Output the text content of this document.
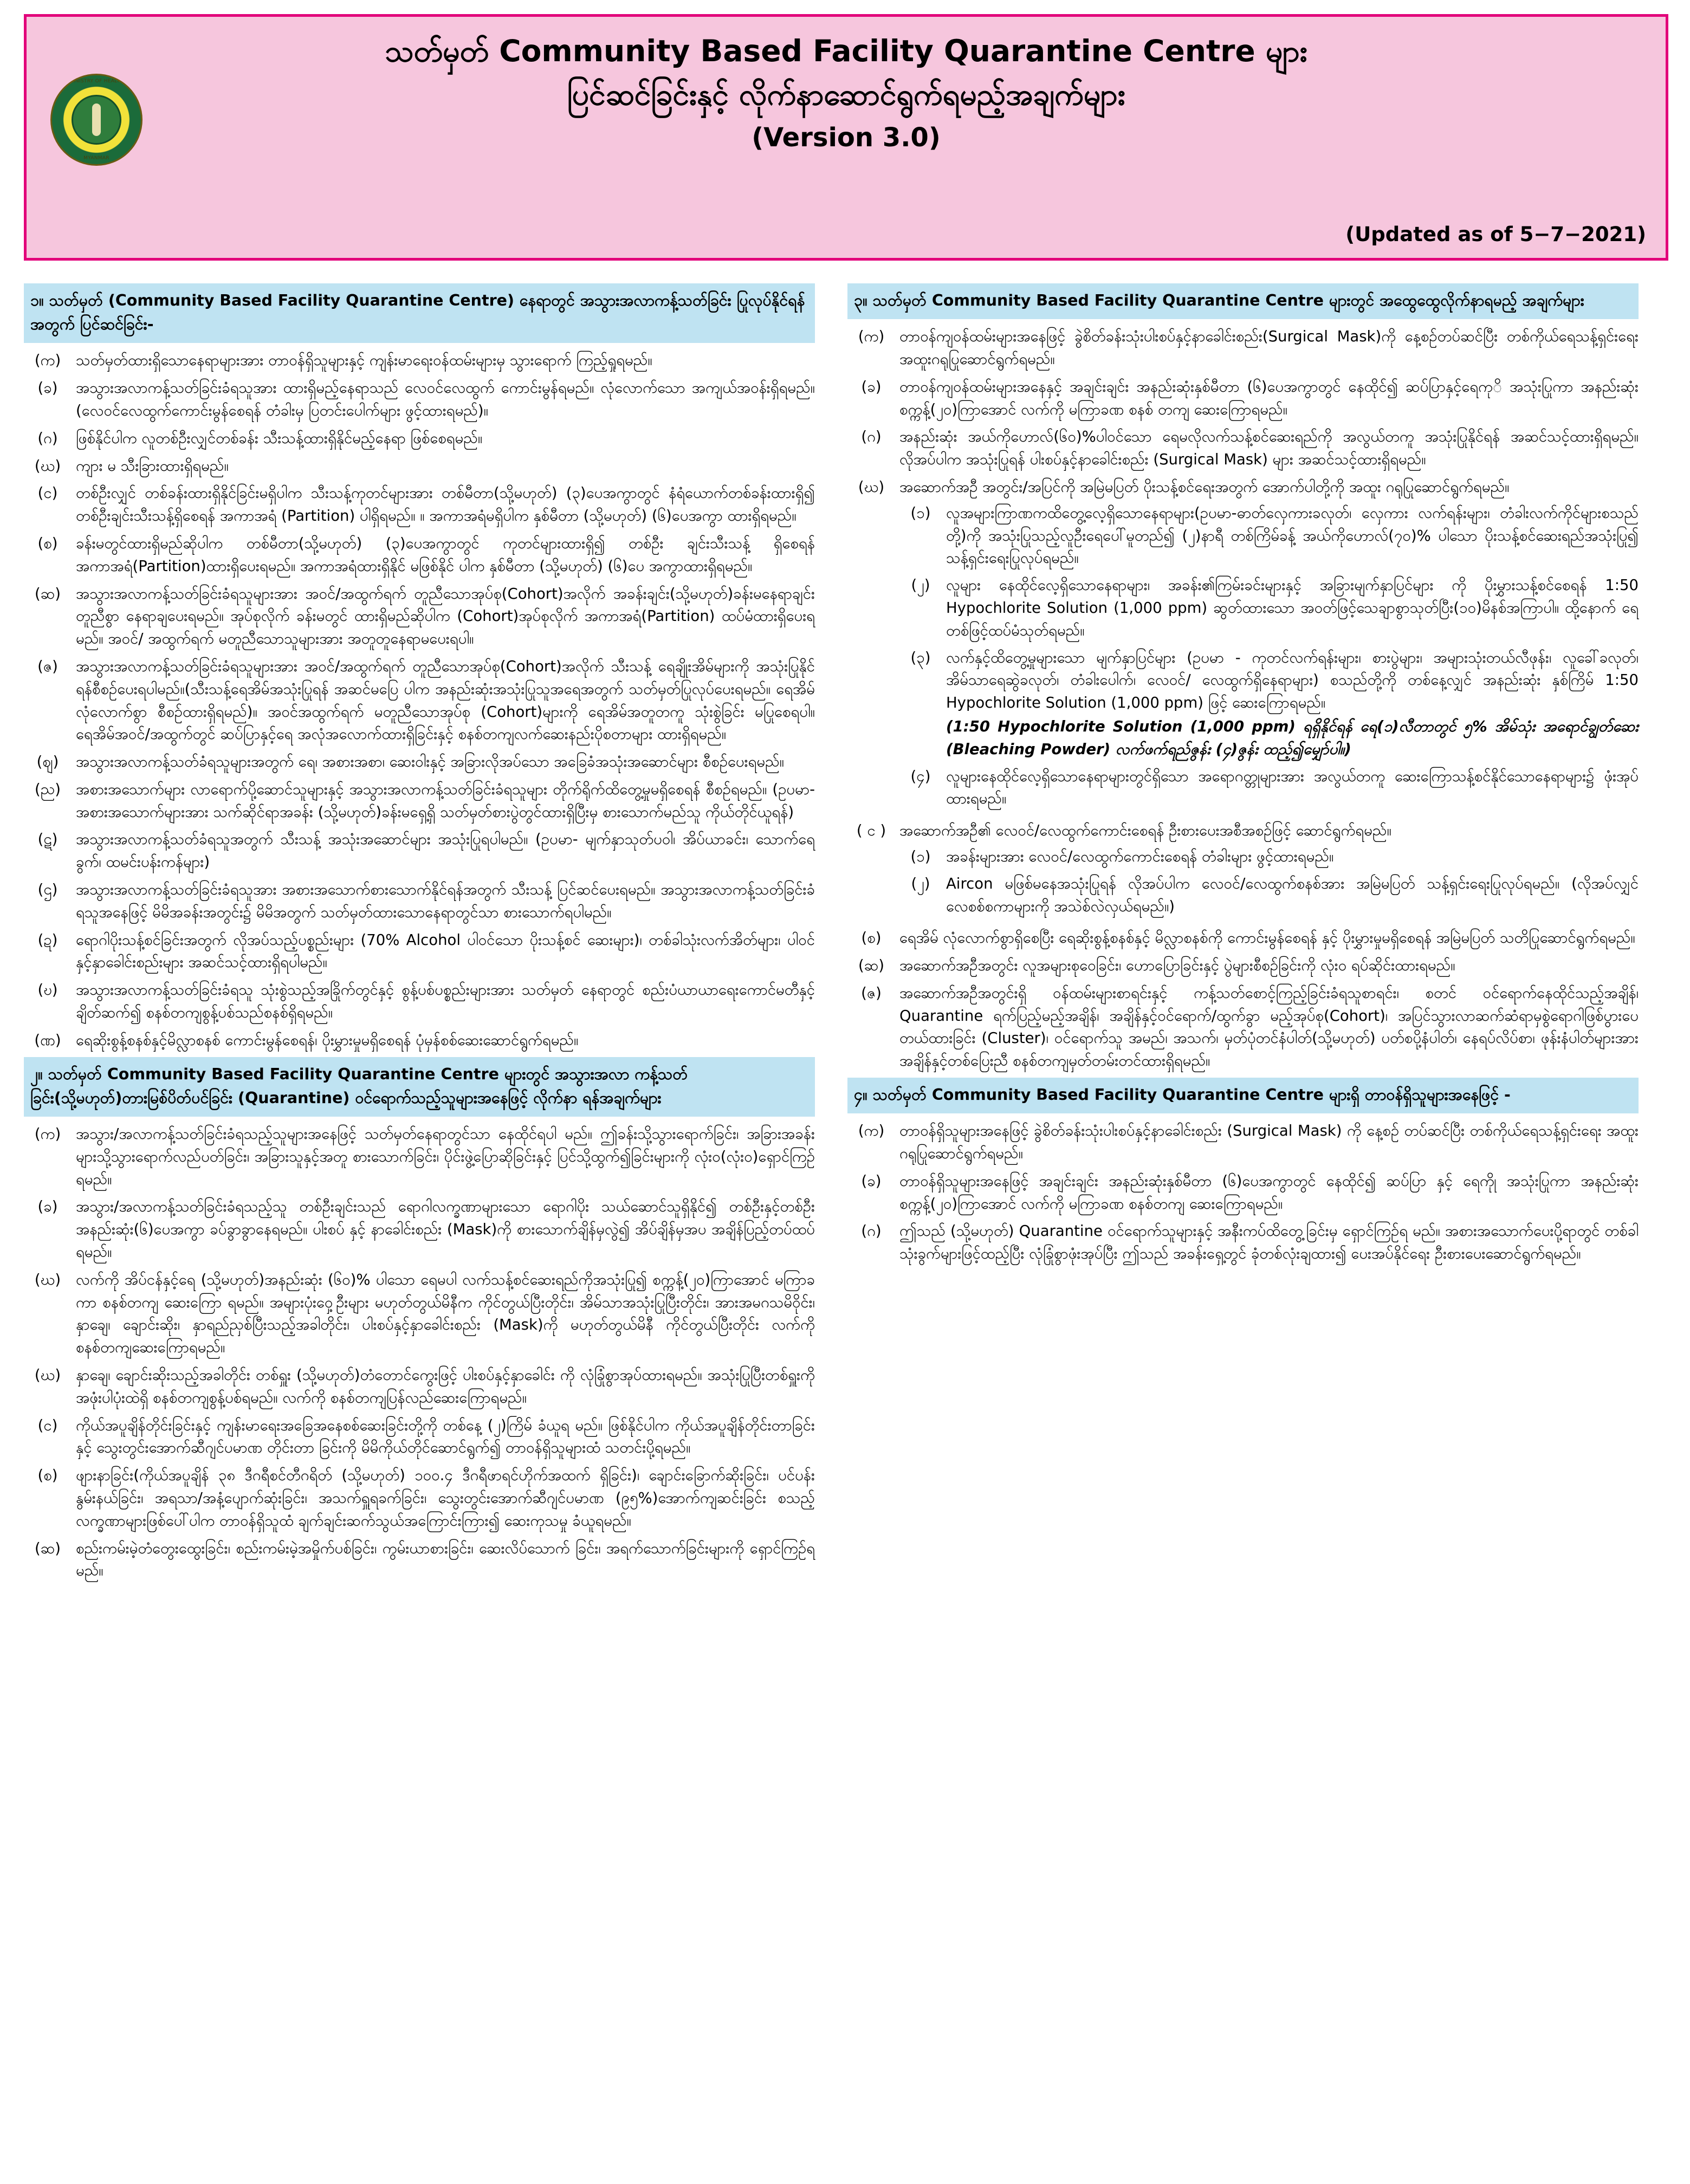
MINISTRY OF HEALTH
MYANMAR
သတ်မှတ် Community Based Facility Quarantine Centre များ
ပြင်ဆင်ခြင်းနှင့် လိုက်နာဆောင်ရွက်ရမည့်အချက်များ
(Version 3.0)
(Updated as of 5−7−2021)
၁။ သတ်မှတ် (Community Based Facility Quarantine Centre) နေရာတွင် အသွားအလာကန့်သတ်ခြင်း ပြုလုပ်နိုင်ရန်အတွက် ပြင်ဆင်ခြင်း-
(က)	သတ်မှတ်ထားရှိသောနေရာများအား တာဝန်ရှိသူများနှင့် ကျန်းမာရေးဝန်ထမ်းများမှ သွားရောက် ကြည့်ရှုရမည်။
(ခ)	အသွားအလာကန့်သတ်ခြင်းခံရသူအား ထားရှိမည့်နေရာသည် လေဝင်လေထွက် ကောင်းမွန်ရမည်။ လုံလောက်သော အကျယ်အဝန်းရှိရမည်။ (လေဝင်လေထွက်ကောင်းမွန်စေရန် တံခါးမှ ပြတင်းပေါက်များ ဖွင့်ထားရမည်)။
(ဂ)	ဖြစ်နိုင်ပါက လူတစ်ဦးလျှင်တစ်ခန်း သီးသန့်ထားရှိနိုင်မည့်နေရာ ဖြစ်စေရမည်။
(ဃ)	ကျား မ သီးခြားထားရှိရမည်။
(င)	တစ်ဦးလျှင် တစ်ခန်းထားရှိနိုင်ခြင်းမရှိပါက သီးသန့်ကုတင်များအား တစ်မီတာ(သို့မဟုတ်) (၃)ပေအကွာတွင် နံရံယောက်တစ်ခန်းထားရှိ၍ တစ်ဦးချင်းသီးသန့်ရှိစေရန် အကာအရံ (Partition) ပါရှိရမည်။ ။ အကာအရံမရှိပါက နှစ်မီတာ (သို့မဟုတ်) (၆)ပေအကွာ ထားရှိရမည်။
(စ)	ခန်းမတွင်ထားရှိမည်ဆိုပါက တစ်မီတာ(သို့မဟုတ်) (၃)ပေအကွာတွင် ကုတင်များထားရှိ၍ တစ်ဦး ချင်းသီးသန့် ရှိစေရန် အကာအရံ(Partition)ထားရှိပေးရမည်။ အကာအရံထားရှိနိုင် မဖြစ်နိုင် ပါက နှစ်မီတာ (သို့မဟုတ်) (၆)ပေ အကွာထားရှိရမည်။
(ဆ)	အသွားအလာကန့်သတ်ခြင်းခံရသူများအား အဝင်/အထွက်ရက် တူညီသောအုပ်စု(Cohort)အလိုက် အခန်းချင်း(သို့မဟုတ်)ခန်းမနေရာချင်း တူညီစွာ နေရာချပေးရမည်။ အုပ်စုလိုက် ခန်းမတွင် ထားရှိမည်ဆိုပါက (Cohort)အုပ်စုလိုက် အကာအရံ(Partition) ထပ်မံထားရှိပေးရမည်။ အဝင်/ အထွက်ရက် မတူညီသောသူများအား အတူတူနေရာမပေးရပါ။
(ဇ)	အသွားအလာကန့်သတ်ခြင်းခံရသူများအား အဝင်/အထွက်ရက် တူညီသောအုပ်စု(Cohort)အလိုက် သီးသန့် ရေချိုးအိမ်များကို အသုံးပြုနိုင်ရန်စီစဉ်ပေးရပါမည်။(သီးသန့်ရေအိမ်အသုံးပြုရန် အဆင်မပြေ ပါက အနည်းဆုံးအသုံးပြုသူအရေအတွက် သတ်မှတ်ပြုလုပ်ပေးရမည်။ ရေအိမ်လုံလောက်စွာ စီစဉ်ထားရှိရမည်)။ အဝင်အထွက်ရက် မတူညီသောအုပ်စု (Cohort)များကို ရေအိမ်အတူတကူ သုံးစွဲခြင်း မပြုစေရပါ။ ရေအိမ်အဝင်/အထွက်တွင် ဆပ်ပြာနှင့်ရေ အလုံအလောက်ထားရှိခြင်းနှင့် စနစ်တကျလက်ဆေးနည်းပိုစတာများ ထားရှိရမည်။
(ဈ)	အသွားအလာကန့်သတ်ခံရသူများအတွက် ရေ၊ အစားအစာ၊ ဆေးဝါးနှင့် အခြားလိုအပ်သော အခြေခံအသုံးအဆောင်များ စီစဉ်ပေးရမည်။
(ည)	အစားအသောက်များ လာရောက်ပို့ဆောင်သူများနှင့် အသွားအလာကန့်သတ်ခြင်းခံရသူများ တိုက်ရိုက်ထိတွေ့မှုမရှိစေရန် စီစဉ်ရမည်။ (ဥပမာ- အစားအသောက်များအား သက်ဆိုင်ရာအခန်း (သို့မဟုတ်)ခန်းမရှေ့ရှိ သတ်မှတ်စားပွဲတွင်ထားရှိပြီးမှ စားသောက်မည်သူ ကိုယ်တိုင်ယူရန်)
(ဋ)	အသွားအလာကန့်သတ်ခံရသူအတွက် သီးသန့် အသုံးအဆောင်များ အသုံးပြုရပါမည်။ (ဥပမာ- မျက်နှာသုတ်ပဝါ၊ အိပ်ယာခင်း၊ သောက်ရေခွက်၊ ထမင်းပန်းကန်များ)
(ဌ)	အသွားအလာကန့်သတ်ခြင်းခံရသူအား အစားအသောက်စားသောက်နိုင်ရန်အတွက် သီးသန့် ပြင်ဆင်ပေးရမည်။ အသွားအလာကန့်သတ်ခြင်းခံရသူအနေဖြင့် မိမိအခန်းအတွင်း၌ မိမိအတွက် သတ်မှတ်ထားသောနေရာတွင်သာ စားသောက်ရပါမည်။
(ဍ)	ရောဂါပိုးသန့်စင်ခြင်းအတွက် လိုအပ်သည့်ပစ္စည်းများ (70% Alcohol ပါဝင်သော ပိုးသန့်စင် ဆေးများ)၊ တစ်ခါသုံးလက်အိတ်များ၊ ပါဝင်နှင့်နှာခေါင်းစည်းများ အဆင်သင့်ထားရှိရပါမည်။
(ဎ)	အသွားအလာကန့်သတ်ခြင်းခံရသူ သုံးစွဲသည့်အခြိုက်တွင်နှင့် စွန့်ပစ်ပစ္စည်းများအား သတ်မှတ် နေရာတွင် စည်းပံယာယာရေးကောင်မတီနှင့်ချိတ်ဆက်၍ စနစ်တကျစွန့်ပစ်သည်စနစ်ရှိရမည်။
(ဏ) ရေဆိုးစွန့်စနစ်နှင့်မိလ္လာစနစ် ကောင်းမွန်စေရန်၊ ပိုးမွှားမှုမရှိစေရန် ပုံမှန်စစ်ဆေးဆောင်ရွက်ရမည်။
၂။ သတ်မှတ် Community Based Facility Quarantine Centre များတွင် အသွားအလာ ကန့်သတ်ခြင်း(သို့မဟုတ်)တားမြစ်ပိတ်ပင်ခြင်း (Quarantine) ဝင်ရောက်သည့်သူများအနေဖြင့် လိုက်နာ ရန်အချက်များ
(က)	အသွား/အလာကန့်သတ်ခြင်းခံရသည့်သူများအနေဖြင့် သတ်မှတ်နေရာတွင်သာ နေထိုင်ရပါ မည်။ ဤခန်းသို့သွားရောက်ခြင်း၊ အခြားအခန်းများသို့သွားရောက်လည်ပတ်ခြင်း၊ အခြားသူနှင့်အတူ စားသောက်ခြင်း၊ ပိုင်းဖွဲ့ပြောဆိုခြင်းနှင့် ပြင်သို့ထွက်၍ခြင်းများကို လုံးဝ(လုံးဝ)ရှောင်ကြဉ်ရမည်။
(ခ)	အသွား/အလာကန့်သတ်ခြင်းခံရသည့်သူ တစ်ဦးချင်းသည် ရောဂါလက္ခဏာများသော ရောဂါပိုး သယ်ဆောင်သူရှိနိုင်၍ တစ်ဦးနှင့်တစ်ဦး အနည်းဆုံး(၆)ပေအကွာ ခပ်ခွာခွာနေရမည်။ ပါးစပ် နှင့် နာခေါင်းစည်း (Mask)ကို စားသောက်ချိန်မှလွဲ၍ အိပ်ချိန်မှအပ အချိန်ပြည့်တပ်ထပ်ရမည်။
(ဃ)	လက်ကို အိပ်ငန်နှင့်ရေ (သို့မဟုတ်)အနည်းဆုံး (၆၀)% ပါသော ရေမပါ လက်သန့်စင်ဆေးရည်ကိုအသုံးပြု၍ စက္ကန့်(၂၀)ကြာအောင် မကြာခကာ စနစ်တကျ ဆေးကြော ရမည်။ အများပုံးဝှေ့ဦးများ မဟုတ်တွယ်မိနီက ကိုင်တွယ်ပြီးတိုင်း၊ အိမ်သာအသုံးပြုပြီးတိုင်း၊ အားအမဂသမိဝိုင်း၊ နှာချေ၊ ချောင်းဆိုး၊ နှာရည်ညှစ်ပြီးသည့်အခါတိုင်း၊ ပါးစပ်နှင့်နှာခေါင်းစည်း (Mask)ကို မဟုတ်တွယ်မိနီ ကိုင်တွယ်ပြီးတိုင်း လက်ကိုစနစ်တကျဆေးကြောရမည်။
(ဃ)	နှာချေ၊ ချောင်းဆိုးသည့်အခါတိုင်း တစ်ရှူး (သို့မဟုတ်)တံတောင်ကွေးဖြင့် ပါးစပ်နှင့်နှာခေါင်း ကို လုံခြုံစွာအုပ်ထားရမည်။ အသုံးပြုပြီးတစ်ရှူးကို အဖုံးပါပုံးထဲရှိ စနစ်တကျစွန့်ပစ်ရမည်။ လက်ကို စနစ်တကျပြန်လည်ဆေးကြောရမည်။
(င)	ကိုယ်အပူချိန်တိုင်းခြင်းနှင့် ကျန်းမာရေးအခြေအနေစစ်ဆေးခြင်းတို့ကို တစ်နေ့ (၂)ကြိမ် ခံယူရ မည်။ ဖြစ်နိုင်ပါက ကိုယ်အပူချိန်တိုင်းတာခြင်းနှင့် သွေးတွင်းအောက်ဆီဂျင်ပမာဏ တိုင်းတာ ခြင်းကို မိမိကိုယ်တိုင်ဆောင်ရွက်၍ တာဝန်ရှိသူများထံ သတင်းပို့ရမည်။
(စ)	ဖျားနာခြင်း(ကိုယ်အပူချိန် ၃၈ ဒီဂရီစင်တီဂရိတ် (သို့မဟုတ်) ၁၀၀.၄ ဒီဂရီဖာရင်ဟိုက်အထက် ရှိခြင်း)၊ ချောင်းခြောက်ဆိုးခြင်း၊ ပင်ပန်းနွမ်းနယ်ခြင်း၊ အရသာ/အနံ့ပျောက်ဆုံးခြင်း၊ အသက်ရှူရခက်ခြင်း၊ သွေးတွင်းအောက်ဆီဂျင်ပမာဏ (၉၅%)အောက်ကျဆင်းခြင်း စသည့် လက္ခဏာများဖြစ်ပေါ်ပါက တာဝန်ရှိသူထံ ချက်ချင်းဆက်သွယ်အကြောင်းကြား၍ ဆေးကုသမှု ခံယူရမည်။
(ဆ)	စည်းကမ်းမဲ့တံတွေးထွေးခြင်း၊ စည်းကမ်းမဲ့အမှိုက်ပစ်ခြင်း၊ ကွမ်းယာစားခြင်း၊ ဆေးလိပ်သောက် ခြင်း၊ အရက်သောက်ခြင်းများကို ရှောင်ကြဉ်ရမည်။
၃။ သတ်မှတ် Community Based Facility Quarantine Centre များတွင် အထွေထွေလိုက်နာရမည့် အချက်များ
(က)	တာဝန်ကျဝန်ထမ်းများအနေဖြင့် ခွဲစိတ်ခန်းသုံးပါးစပ်နှင့်နာခေါင်းစည်း(Surgical Mask)ကို နေ့စဉ်တပ်ဆင်ပြီး တစ်ကိုယ်ရေသန့်ရှင်းရေး အထူးဂရုပြုဆောင်ရွက်ရမည်။
(ခ)	တာဝန်ကျဝန်ထမ်းများအနေနှင့် အချင်းချင်း အနည်းဆုံးနှစ်မီတာ (၆)ပေအကွာတွင် နေထိုင်၍ ဆပ်ပြာနှင့်ရေကုိ အသုံးပြုကာ အနည်းဆုံး စက္ကန့်(၂၀)ကြာအောင် လက်ကို မကြာခဏ စနစ် တကျ ဆေးကြောရမည်။
(ဂ)	အနည်းဆုံး အယ်ကိုဟောလ်(၆၀)%ပါဝင်သော ရေမလိုလက်သန့်စင်ဆေးရည်ကို အလွယ်တကူ အသုံးပြုနိုင်ရန် အဆင်သင့်ထားရှိရမည်။ လိုအပ်ပါက အသုံးပြုရန် ပါးစပ်နှင့်နာခေါင်းစည်း (Surgical Mask) များ အဆင်သင့်ထားရှိရမည်။
(ဃ)	အဆောက်အဦ အတွင်း/အပြင်ကို အမြဲမပြတ် ပိုးသန့်စင်ရေးအတွက် အောက်ပါတို့ကို အထူး ဂရုပြုဆောင်ရွက်ရမည်။
(၁)	လူအများကြာဏကထိတွေ့လေ့ရှိသောနေရာများ(ဥပမာ-ဓာတ်လှေကားခလုတ်၊ လှေကား လက်ရန်းများ၊ တံခါးလက်ကိုင်များစသည်တို့)ကို အသုံးပြုသည့်လူဦးရေပေါ်မူတည်၍ (၂)နာရီ တစ်ကြိမ်ခန့် အယ်ကိုဟောလ်(၇၀)% ပါသော ပိုးသန့်စင်ဆေးရည်အသုံးပြု၍ သန့်ရှင်းရေးပြုလုပ်ရမည်။
(၂)	လူများ နေထိုင်လေ့ရှိသောနေရာများ၊ အခန်း၏ကြမ်းခင်းများနှင့် အခြားမျက်နှာပြင်များ ကို ပိုးမွှားသန့်စင်စေရန် 1:50 Hypochlorite Solution (1,000 ppm) ဆွတ်ထားသော အဝတ်ဖြင့်သေချာစွာသုတ်ပြီး(၁၀)မိနစ်အကြာပါ။ ထို့နောက် ရေတစ်ဖြင့်ထပ်မံသုတ်ရမည်။
(၃)	လက်နှင့်ထိတွေ့မှုများသော မျက်နှာပြင်များ (ဥပမာ - ကုတင်လက်ရန်းများ၊ စားပွဲများ၊ အများသုံးတယ်လီဖုန်း၊ လူခေါ်ခလုတ်၊ အိမ်သာရေဆွဲခလုတ်၊ တံခါးပေါက်၊ လေဝင်/ လေထွက်ရှိနေရာများ) စသည်တို့ကို တစ်နေ့လျှင် အနည်းဆုံး နှစ်ကြိမ် 1:50 Hypochlorite Solution (1,000 ppm) ဖြင့် ဆေးကြောရမည်။
(1:50 Hypochlorite Solution (1,000 ppm) ရရှိနိုင်ရန် ရေ(၁)လီတာတွင် ၅% အိမ်သုံး အရောင်ချွတ်ဆေး (Bleaching Powder) လက်ဖက်ရည်ဇွန်း (၄)ဇွန်း ထည့်၍မျှော်ပါ။)
(၄)	လူများနေထိုင်လေ့ရှိသောနေရာများတွင်ရှိသော အရောဂတ္တုများအား အလွယ်တကူ ဆေးကြောသန့်စင်နိုင်သောနေရာများ၌ ဖုံးအုပ်ထားရမည်။
( င ) အဆောက်အဦ၏ လေဝင်/လေထွက်ကောင်းစေရန် ဦးစားပေးအစီအစဉ်ဖြင့် ဆောင်ရွက်ရမည်။
(၁)	အခန်းများအား လေဝင်/လေထွက်ကောင်းစေရန် တံခါးများ ဖွင့်ထားရမည်။
(၂)	Aircon မဖြစ်မနေအသုံးပြုရန် လိုအပ်ပါက လေဝင်/လေထွက်စနစ်အား အမြဲမပြတ် သန့်ရှင်းရေးပြုလုပ်ရမည်။ (လိုအပ်လျှင် လေစစ်စကာများကို အသဲစ်လဲလှယ်ရမည်။)
(စ)	ရေအိမ် လုံလောက်စွာရှိစေပြီး ရေဆိုးစွန့်စနစ်နှင့် မိလ္လာစနစ်ကို ကောင်းမွန်စေရန် နှင့် ပိုးမွှားမှုမရှိစေရန် အမြဲမပြတ် သတိပြုဆောင်ရွက်ရမည်။
(ဆ)	အဆောက်အဦအတွင်း လူအများစုဝေခြင်း၊ ဟောပြောခြင်းနှင့် ပွဲများစီစဉ်ခြင်းကို လုံးဝ ရပ်ဆိုင်းထားရမည်။
(ဇ)	အဆောက်အဦအတွင်းရှိ ဝန်ထမ်းများစာရင်းနှင့် ကန့်သတ်စောင့်ကြည့်ခြင်းခံရသူစာရင်း၊ စတင် ဝင်ရောက်နေထိုင်သည့်အချိန်၊ Quarantine ရက်ပြည့်မည့်အချိန်၊ အချိန်နှင့်ဝင်ရောက်/ထွက်ခွာ မည့်အုပ်စု(Cohort)၊ အပြင်သွားလာဆက်ဆံရာမှစွဲရောဂါဖြစ်ပွားပေတယ်ထားခြင်း (Cluster)၊ ဝင်ရောက်သူ အမည်၊ အသက်၊ မှတ်ပုံတင်နံပါတ်(သို့မဟုတ်) ပတ်စပို့နံပါတ်၊ နေရပ်လိပ်စာ၊ ဖုန်းနံပါတ်များအား အချိန်နှင့်တစ်ပြေးညီ စနစ်တကျမှတ်တမ်းတင်ထားရှိရမည်။
၄။ သတ်မှတ် Community Based Facility Quarantine Centre များရှိ တာဝန်ရှိသူများအနေဖြင့် -
(က)	တာဝန်ရှိသူများအနေဖြင့် ခွဲစိတ်ခန်းသုံးပါးစပ်နှင့်နာခေါင်းစည်း (Surgical Mask) ကို နေ့စဉ် တပ်ဆင်ပြီး တစ်ကိုယ်ရေသန့်ရှင်းရေး အထူးဂရုပြုဆောင်ရွက်ရမည်။
(ခ)	တာဝန်ရှိသူများအနေဖြင့် အချင်းချင်း အနည်းဆုံးနှစ်မီတာ (၆)ပေအကွာတွင် နေထိုင်၍ ဆပ်ပြာ နှင့် ရေကိုု အသုံးပြုကာ အနည်းဆုံး စက္ကန့်(၂၀)ကြာအောင် လက်ကို မကြာခဏ စနစ်တကျ ဆေးကြောရမည်။
(ဂ)	ဤသည် (သို့မဟုတ်) Quarantine ဝင်ရောက်သူများနှင့် အနီးကပ်ထိတွေ့ခြင်းမှ ရှောင်ကြဉ်ရ မည်။ အစားအသောက်ပေးပို့ရာတွင် တစ်ခါသုံးခွက်များဖြင့်ထည့်ပြီး လုံခြုံစွာဖုံးအုပ်ပြီး ဤသည် အခန်းရှေ့တွင် ခုံတစ်လုံးချထား၍ ပေးအပ်နိုင်ရေး ဦးစားပေးဆောင်ရွက်ရမည်။
